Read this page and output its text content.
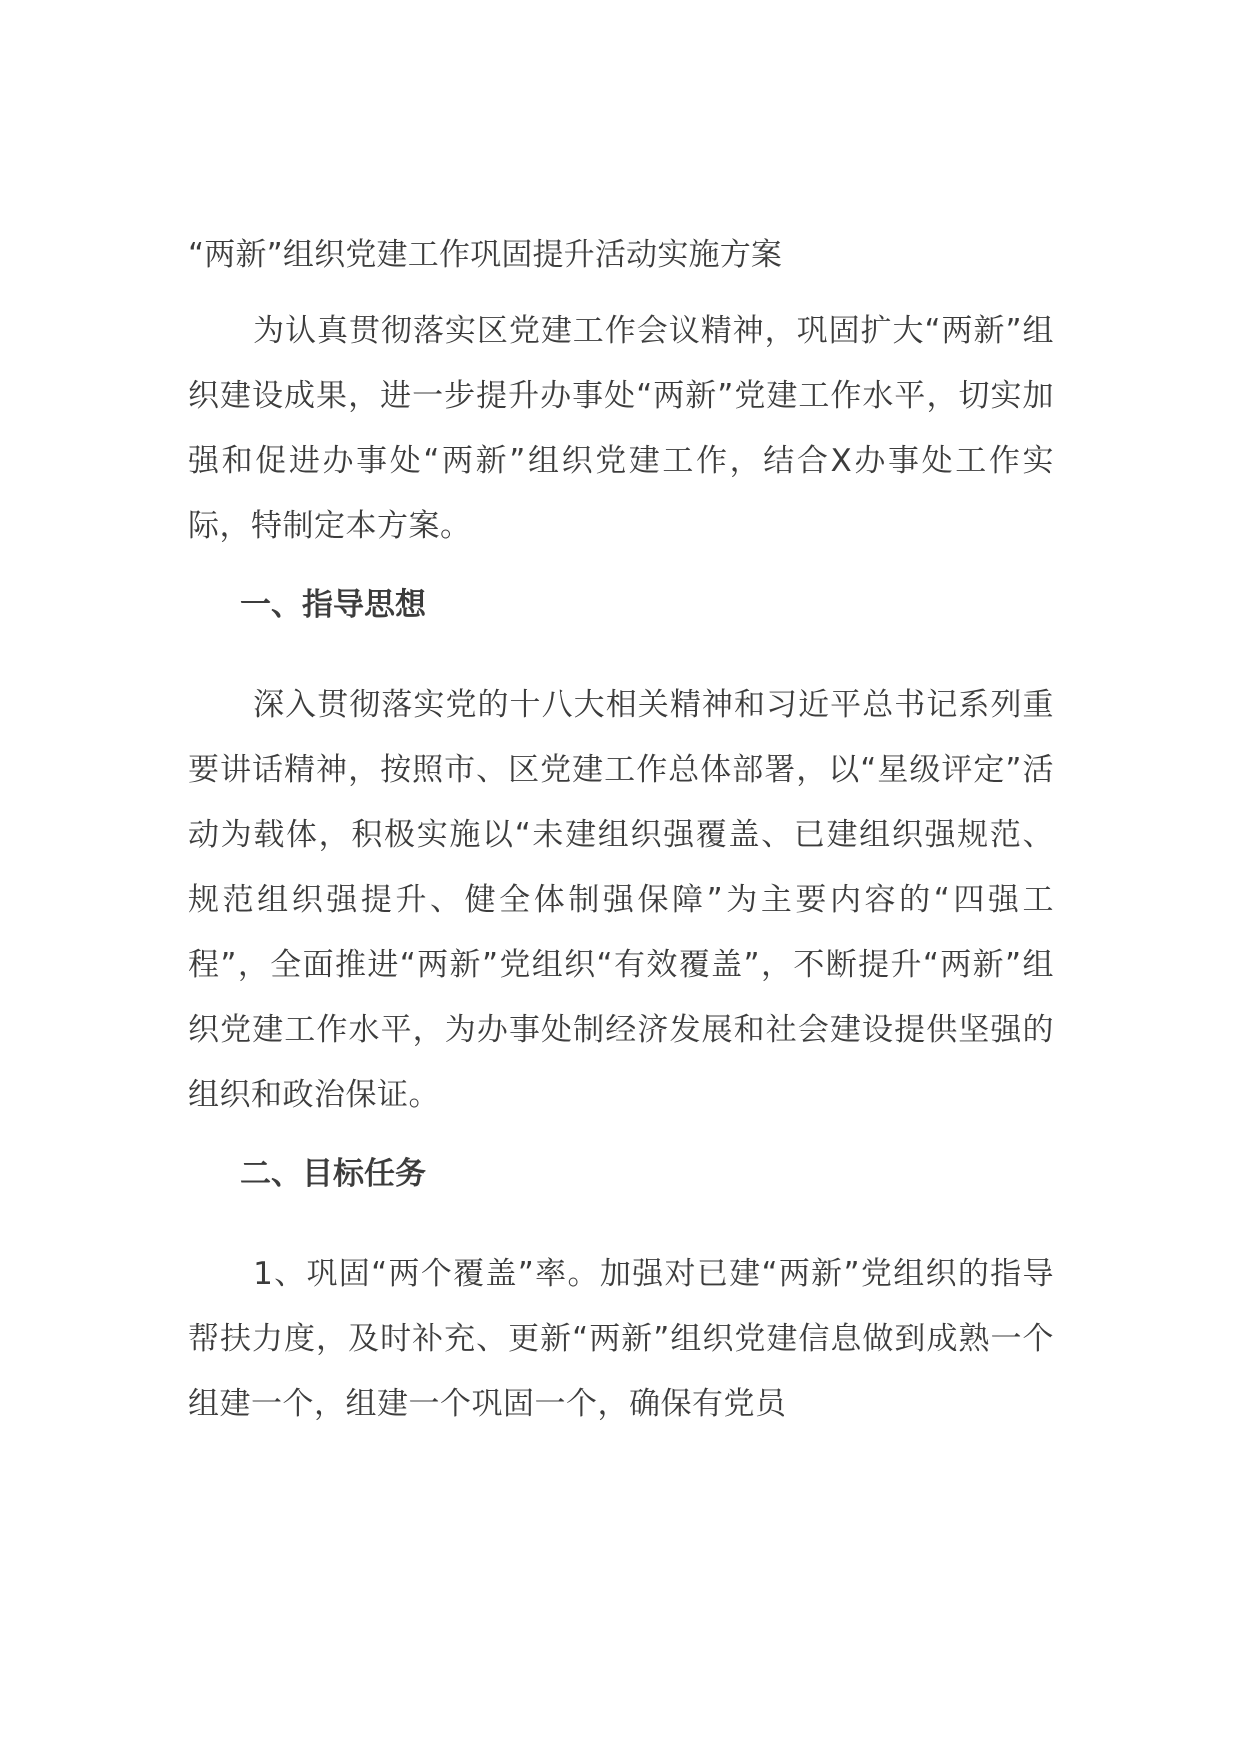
“两新”组织党建工作巩固提升活动实施方案

为认真贯彻落实区党建工作会议精神，巩固扩大“两新”组织建设成果，进一步提升办事处“两新”党建工作水平，切实加强和促进办事处“两新”组织党建工作，结合X办事处工作实际，特制定本方案。

一、指导思想

深入贯彻落实党的十八大相关精神和习近平总书记系列重要讲话精神，按照市、区党建工作总体部署，以“星级评定”活动为载体，积极实施以“未建组织强覆盖、已建组织强规范、规范组织强提升、健全体制强保障”为主要内容的“四强工程”，全面推进“两新”党组织“有效覆盖”，不断提升“两新”组织党建工作水平，为办事处制经济发展和社会建设提供坚强的组织和政治保证。

二、目标任务

1、巩固“两个覆盖”率。加强对已建“两新”党组织的指导帮扶力度，及时补充、更新“两新”组织党建信息做到成熟一个组建一个，组建一个巩固一个，确保有党员
